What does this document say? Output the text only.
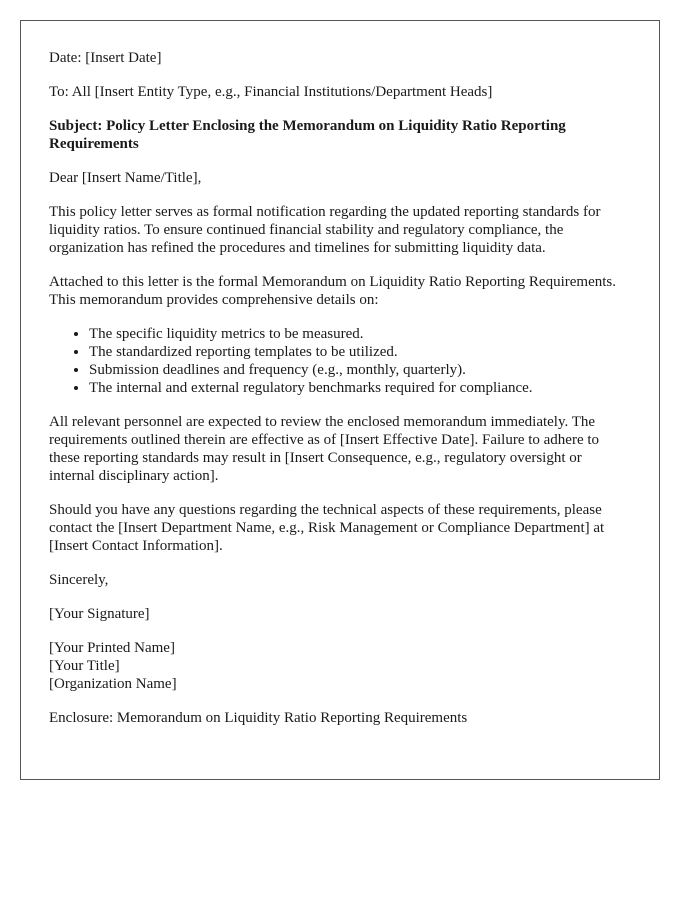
Date: [Insert Date]

To: All [Insert Entity Type, e.g., Financial Institutions/Department Heads]

Subject: Policy Letter Enclosing the Memorandum on Liquidity Ratio Reporting Requirements

Dear [Insert Name/Title],

This policy letter serves as formal notification regarding the updated reporting standards for liquidity ratios. To ensure continued financial stability and regulatory compliance, the organization has refined the procedures and timelines for submitting liquidity data.

Attached to this letter is the formal Memorandum on Liquidity Ratio Reporting Requirements. This memorandum provides comprehensive details on:

• The specific liquidity metrics to be measured.
• The standardized reporting templates to be utilized.
• Submission deadlines and frequency (e.g., monthly, quarterly).
• The internal and external regulatory benchmarks required for compliance.

All relevant personnel are expected to review the enclosed memorandum immediately. The requirements outlined therein are effective as of [Insert Effective Date]. Failure to adhere to these reporting standards may result in [Insert Consequence, e.g., regulatory oversight or internal disciplinary action].

Should you have any questions regarding the technical aspects of these requirements, please contact the [Insert Department Name, e.g., Risk Management or Compliance Department] at [Insert Contact Information].

Sincerely,

[Your Signature]

[Your Printed Name]
[Your Title]
[Organization Name]

Enclosure: Memorandum on Liquidity Ratio Reporting Requirements
